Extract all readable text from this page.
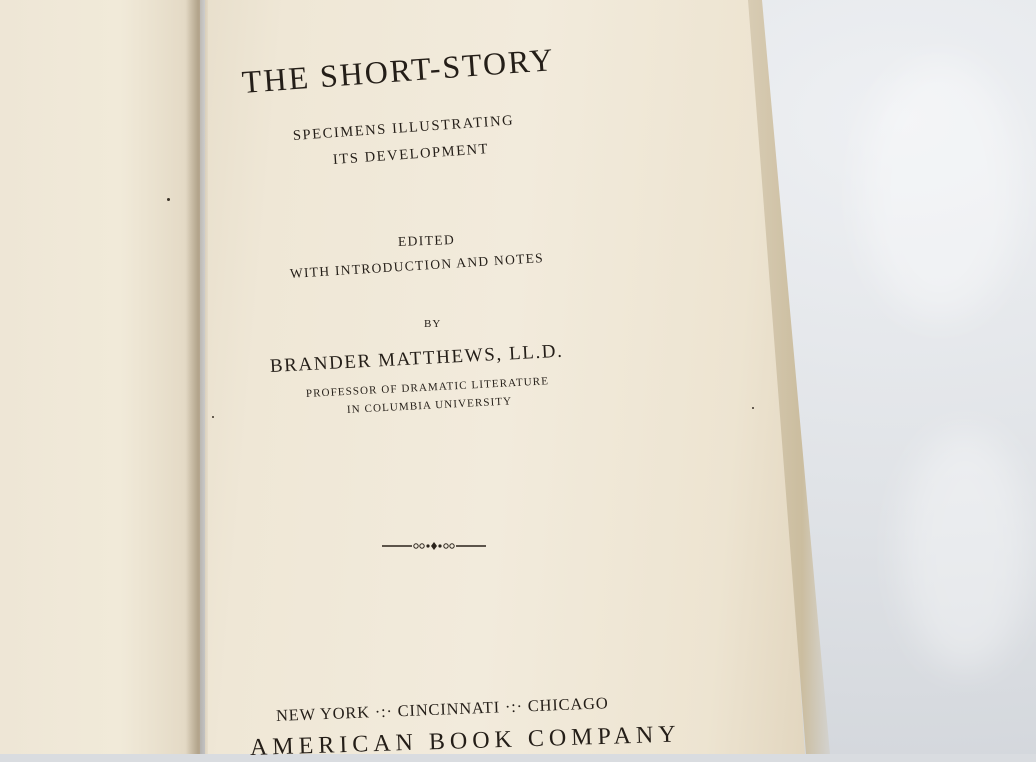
THE SHORT-STORY
SPECIMENS ILLUSTRATING
ITS DEVELOPMENT
EDITED
WITH INTRODUCTION AND NOTES
BY
BRANDER MATTHEWS, LL.D.
PROFESSOR OF DRAMATIC LITERATURE
IN COLUMBIA UNIVERSITY
NEW YORK ·:· CINCINNATI ·:· CHICAGO
AMERICAN BOOK COMPANY
